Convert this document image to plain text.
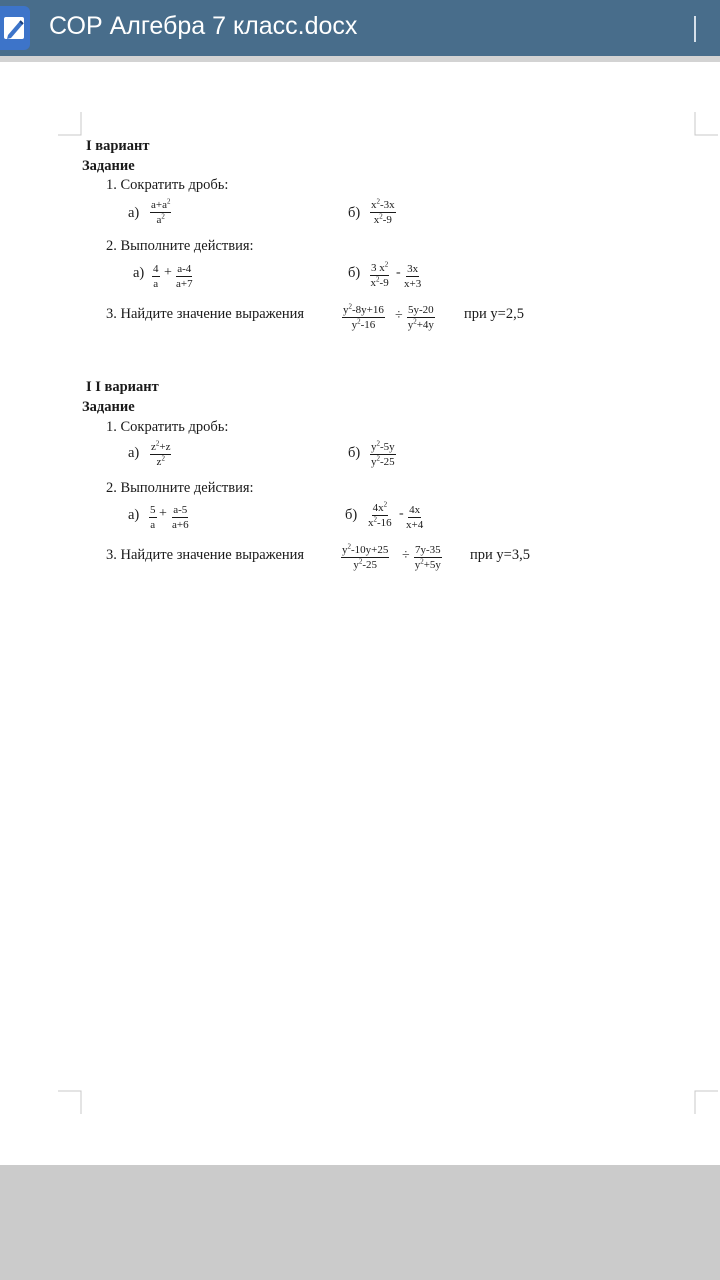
СОР Алгебра 7 класс.docx
I вариант
Задание
1. Сократить дробь:
$а) \frac{a+a^2}{a^2}$	$б) \frac{x^2-3x}{x^2-9}$
2. Выполните действия:
$а) \frac{4}{a} + \frac{a-4}{a+7}$	$б) \frac{3 x^2}{x^2-9} - \frac{3x}{x+3}$
3. Найдите значение выражения	$\frac{y^2-8y+16}{y^2-16} \div \frac{5y-20}{y^2+4y}$ при y=2,5
I I вариант
Задание
1. Сократить дробь:
$а) \frac{z^2+z}{z^2}$	$б) \frac{y^2-5y}{y^2-25}$
2. Выполните действия:
$а) \frac{5}{a} + \frac{a-5}{a+6}$	$б) \frac{4x^2}{x^2-16} - \frac{4x}{x+4}$
3. Найдите значение выражения	$\frac{y^2-10y+25}{y^2-25} \div \frac{7y-35}{y^2+5y}$ при y=3,5
